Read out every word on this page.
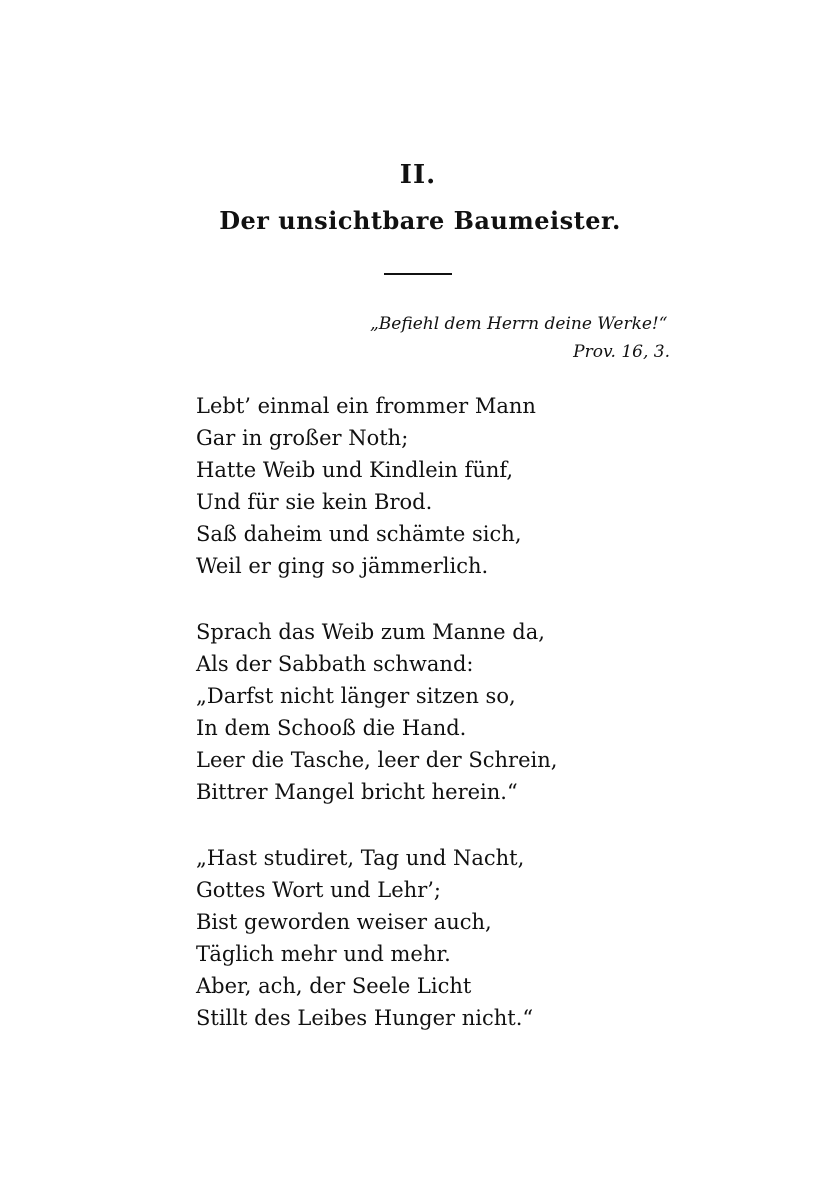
II.
Der unsichtbare Baumeister.
„Befiehl dem Herrn deine Werke!“
Prov. 16, 3.
Lebt’ einmal ein frommer Mann
Gar in großer Noth;
Hatte Weib und Kindlein fünf,
Und für sie kein Brod.
Saß daheim und schämte sich,
Weil er ging so jämmerlich.
Sprach das Weib zum Manne da,
Als der Sabbath schwand:
„Darfst nicht länger sitzen so,
In dem Schooß die Hand.
Leer die Tasche, leer der Schrein,
Bittrer Mangel bricht herein.“
„Hast studiret, Tag und Nacht,
Gottes Wort und Lehr’;
Bist geworden weiser auch,
Täglich mehr und mehr.
Aber, ach, der Seele Licht
Stillt des Leibes Hunger nicht.“
